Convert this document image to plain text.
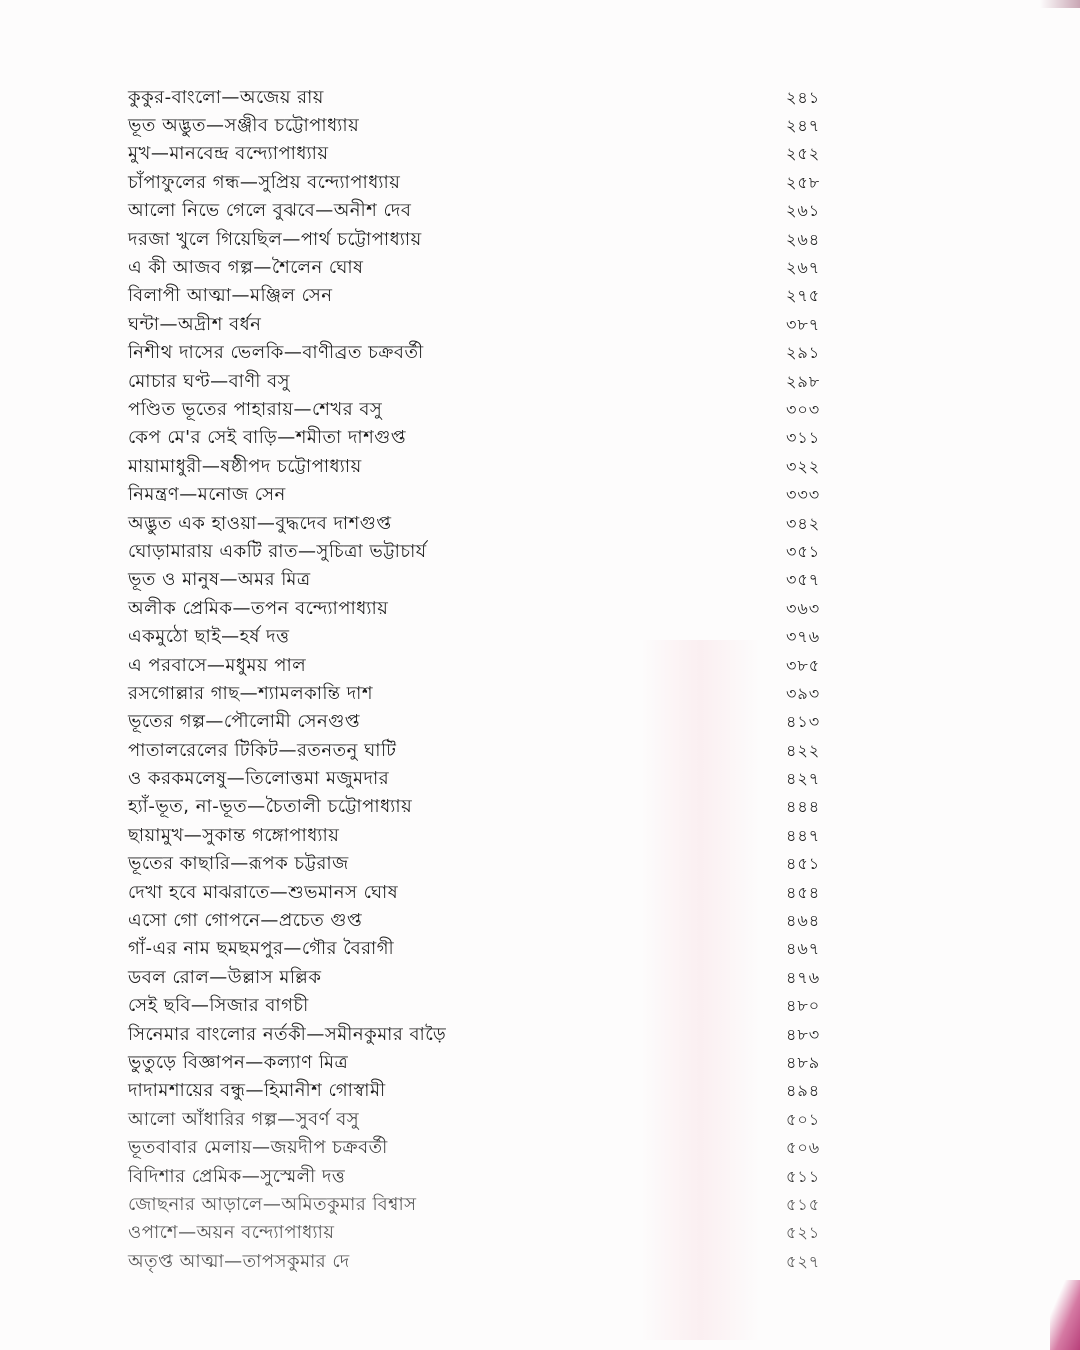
কুকুর-বাংলো—অজেয় রায়	২৪১
ভূত অদ্ভুত—সঞ্জীব চট্টোপাধ্যায়	২৪৭
মুখ—মানবেন্দ্র বন্দ্যোপাধ্যায়	২৫২
চাঁপাফুলের গন্ধ—সুপ্রিয় বন্দ্যোপাধ্যায়	২৫৮
আলো নিভে গেলে বুঝবে—অনীশ দেব	২৬১
দরজা খুলে গিয়েছিল—পার্থ চট্টোপাধ্যায়	২৬৪
এ কী আজব গল্প—শৈলেন ঘোষ	২৬৭
বিলাপী আত্মা—মঞ্জিল সেন	২৭৫
ঘন্টা—অদ্রীশ বর্ধন	৩৮৭
নিশীথ দাসের ভেলকি—বাণীব্রত চক্রবর্তী	২৯১
মোচার ঘণ্ট—বাণী বসু	২৯৮
পণ্ডিত ভূতের পাহারায়—শেখর বসু	৩০৩
কেপ মে'র সেই বাড়ি—শমীতা দাশগুপ্ত	৩১১
মায়ামাধুরী—ষষ্ঠীপদ চট্টোপাধ্যায়	৩২২
নিমন্ত্রণ—মনোজ সেন	৩৩৩
অদ্ভুত এক হাওয়া—বুদ্ধদেব দাশগুপ্ত	৩৪২
ঘোড়ামারায় একটি রাত—সুচিত্রা ভট্টাচার্য	৩৫১
ভূত ও মানুষ—অমর মিত্র	৩৫৭
অলীক প্রেমিক—তপন বন্দ্যোপাধ্যায়	৩৬৩
একমুঠো ছাই—হর্ষ দত্ত	৩৭৬
এ পরবাসে—মধুময় পাল	৩৮৫
রসগোল্লার গাছ—শ্যামলকান্তি দাশ	৩৯৩
ভূতের গল্প—পৌলোমী সেনগুপ্ত	৪১৩
পাতালরেলের টিকিট—রতনতনু ঘাটি	৪২২
ও করকমলেষু—তিলোত্তমা মজুমদার	৪২৭
হ্যাঁ-ভূত, না-ভূত—চৈতালী চট্টোপাধ্যায়	৪৪৪
ছায়ামুখ—সুকান্ত গঙ্গোপাধ্যায়	৪৪৭
ভূতের কাছারি—রূপক চট্টরাজ	৪৫১
দেখা হবে মাঝরাতে—শুভমানস ঘোষ	৪৫৪
এসো গো গোপনে—প্রচেত গুপ্ত	৪৬৪
গাঁ-এর নাম ছমছমপুর—গৌর বৈরাগী	৪৬৭
ডবল রোল—উল্লাস মল্লিক	৪৭৬
সেই ছবি—সিজার বাগচী	৪৮০
সিনেমার বাংলোর নর্তকী—সমীনকুমার বাড়ৈ	৪৮৩
ভুতুড়ে বিজ্ঞাপন—কল্যাণ মিত্র	৪৮৯
দাদামশায়ের বন্ধু—হিমানীশ গোস্বামী	৪৯৪
আলো আঁধারির গল্প—সুবর্ণ বসু	৫০১
ভূতবাবার মেলায়—জয়দীপ চক্রবর্তী	৫০৬
বিদিশার প্রেমিক—সুস্মেলী দত্ত	৫১১
জোছনার আড়ালে—অমিতকুমার বিশ্বাস	৫১৫
ওপাশে—অয়ন বন্দ্যোপাধ্যায়	৫২১
অতৃপ্ত আত্মা—তাপসকুমার দে	৫২৭
